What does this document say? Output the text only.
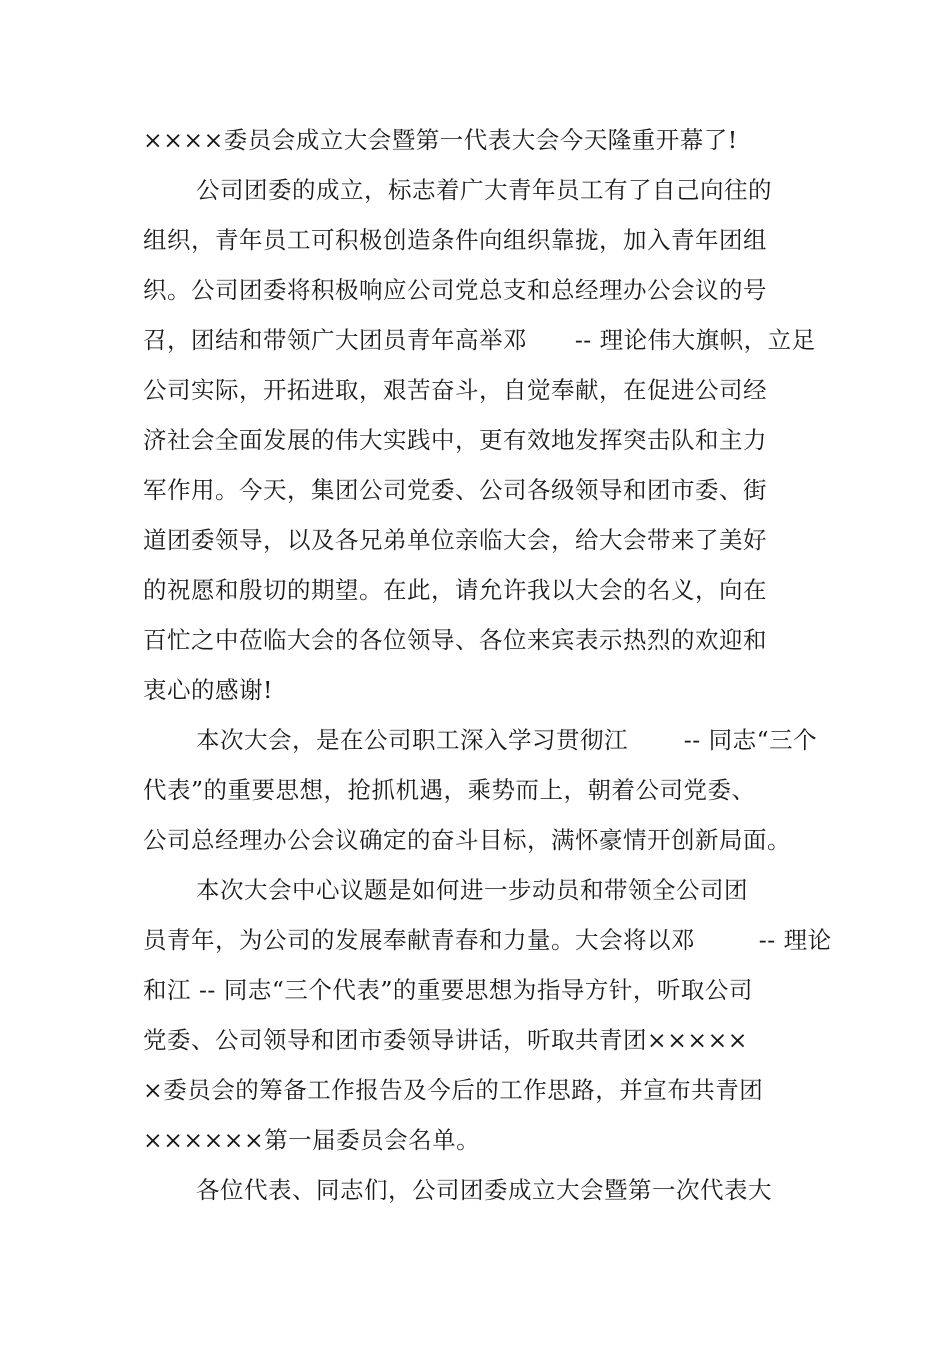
××××委员会成立大会暨第一代表大会今天隆重开幕了!
公司团委的成立，标志着广大青年员工有了自己向往的
组织，青年员工可积极创造条件向组织靠拢，加入青年团组
织。公司团委将积极响应公司党总支和总经理办公会议的号
召，团结和带领广大团员青年高举邓      -- 理论伟大旗帜，立足
公司实际，开拓进取，艰苦奋斗，自觉奉献，在促进公司经
济社会全面发展的伟大实践中，更有效地发挥突击队和主力
军作用。今天，集团公司党委、公司各级领导和团市委、街
道团委领导，以及各兄弟单位亲临大会，给大会带来了美好
的祝愿和殷切的期望。在此，请允许我以大会的名义，向在
百忙之中莅临大会的各位领导、各位来宾表示热烈的欢迎和
衷心的感谢!
本次大会，是在公司职工深入学习贯彻江       -- 同志“三个
代表”的重要思想，抢抓机遇，乘势而上，朝着公司党委、
公司总经理办公会议确定的奋斗目标，满怀豪情开创新局面。
本次大会中心议题是如何进一步动员和带领全公司团
员青年，为公司的发展奉献青春和力量。大会将以邓        -- 理论
和江 -- 同志“三个代表”的重要思想为指导方针，听取公司
党委、公司领导和团市委领导讲话，听取共青团×××××
×委员会的筹备工作报告及今后的工作思路，并宣布共青团
××××××第一届委员会名单。
各位代表、同志们，公司团委成立大会暨第一次代表大
